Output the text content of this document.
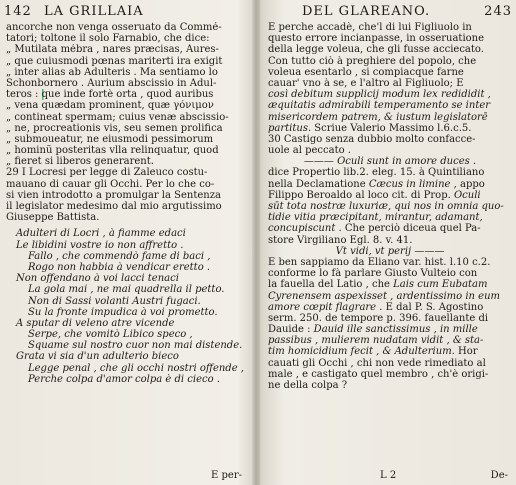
142 LA GRILLAIA
ancorche non venga osseruato da Commé-
tatori; toltone il solo Farnabio, che dice:
„ Mutilata mébra , nares præcisas, Aures-
„ que cuiusmodi pœnas mariterti ira exigit
„ inter alias ab Adulteris . Ma sentiamo lo
Schonbornero . Aurium abscissio in Adul-
teros : que inde fortè orta , quod auribus
„ vena quædam prominent, quæ γόνιμον
„ contineat spermam; cuius venæ abscissio-
„ ne, procreationis vis, seu semen prolifica
„ submoueatur, ne eiusmodi pessimorum
„ hominũ posteritas vlla relinquatur, quod
„ fieret si liberos generarent.
29 I Locresi per legge di Zaleuco costu-
mauano di cauar gli Occhi. Per lo che co-
si vien introdotto a promulgar la Sentenza
il legislator medesimo dal mio argutissimo
Giuseppe Battista.
Adulteri di Locri , à fiamme edaci
Le libidini vostre io non affretto .
Fallo , che commendò fame di baci ,
Rogo non habbia à vendicar eretto .
Non offendano à voi lacci tenaci
La gola mai , ne mai quadrella il petto.
Non di Sassi volanti Austri fugaci.
Su la fronte impudica à voi prometto.
A sputar di veleno atre vicende
Serpe, che vomitò Libico speco ,
Squame sul nostro cuor non mai distende.
Grata vi sia d'un adulterio bieco
Legge penal , che gli occhi nostri offende ,
Perche colpa d'amor colpa è di cieco .
E per-
DEL GLAREANO.	243
E perche accadè, che'l di lui Figliuolo in
questo errore incianpasse, in osseruatione
della legge voleua, che gli fusse acciecato.
Con tutto ciò à preghiere del popolo, che
voleua esentarlo , si compiacque farne
cauar' vno à se, e l'altro al Figliuolo; E
così debitum supplicij modum lex redididit ,
æquitatis admirabili temperamento se inter
misericordem patrem, & iustum legislatorē
partitus. Scriue Valerio Massimo l.6.c.5.
30 Castigo senza dubbio molto confacce-
uole al peccato .
——— Oculi sunt in amore duces .
dice Propertio lib.2. eleg. 15. à Quintiliano
nella Declamatione Cæcus in limine , appo
Filippo Beroaldo al loco cit. di Prop. Oculi
sūt tota nostræ luxuriæ, qui nos in omnia quo-
tidie vitia præcipitant, mirantur, adamant,
concupiscunt . Che perciò diceua quel Pa-
store Virgiliano Egl. 8. v. 41.
Vt vidi, vt perij ———
E ben sappiamo da Eliano var. hist. l.10 c.2.
conforme lo fà parlare Giusto Vulteio con
la fauella del Latio , che Lais cum Eubatam
Cyrenensem aspexisset , ardentissimo in eum
amore cœpit flagrare . E dal P. S. Agostino
serm. 250. de tempore p. 396. fauellante di
Dauide : Dauid ille sanctissimus , in mille
passibus , mulierem nudatam vidit , & sta-
tim homicidium fecit , & Adulterium. Hor
cauati gli Occhi , chi non vede rimediato al
male , e castigato quel membro , ch'è origi-
ne della colpa ?
L 2	De-
